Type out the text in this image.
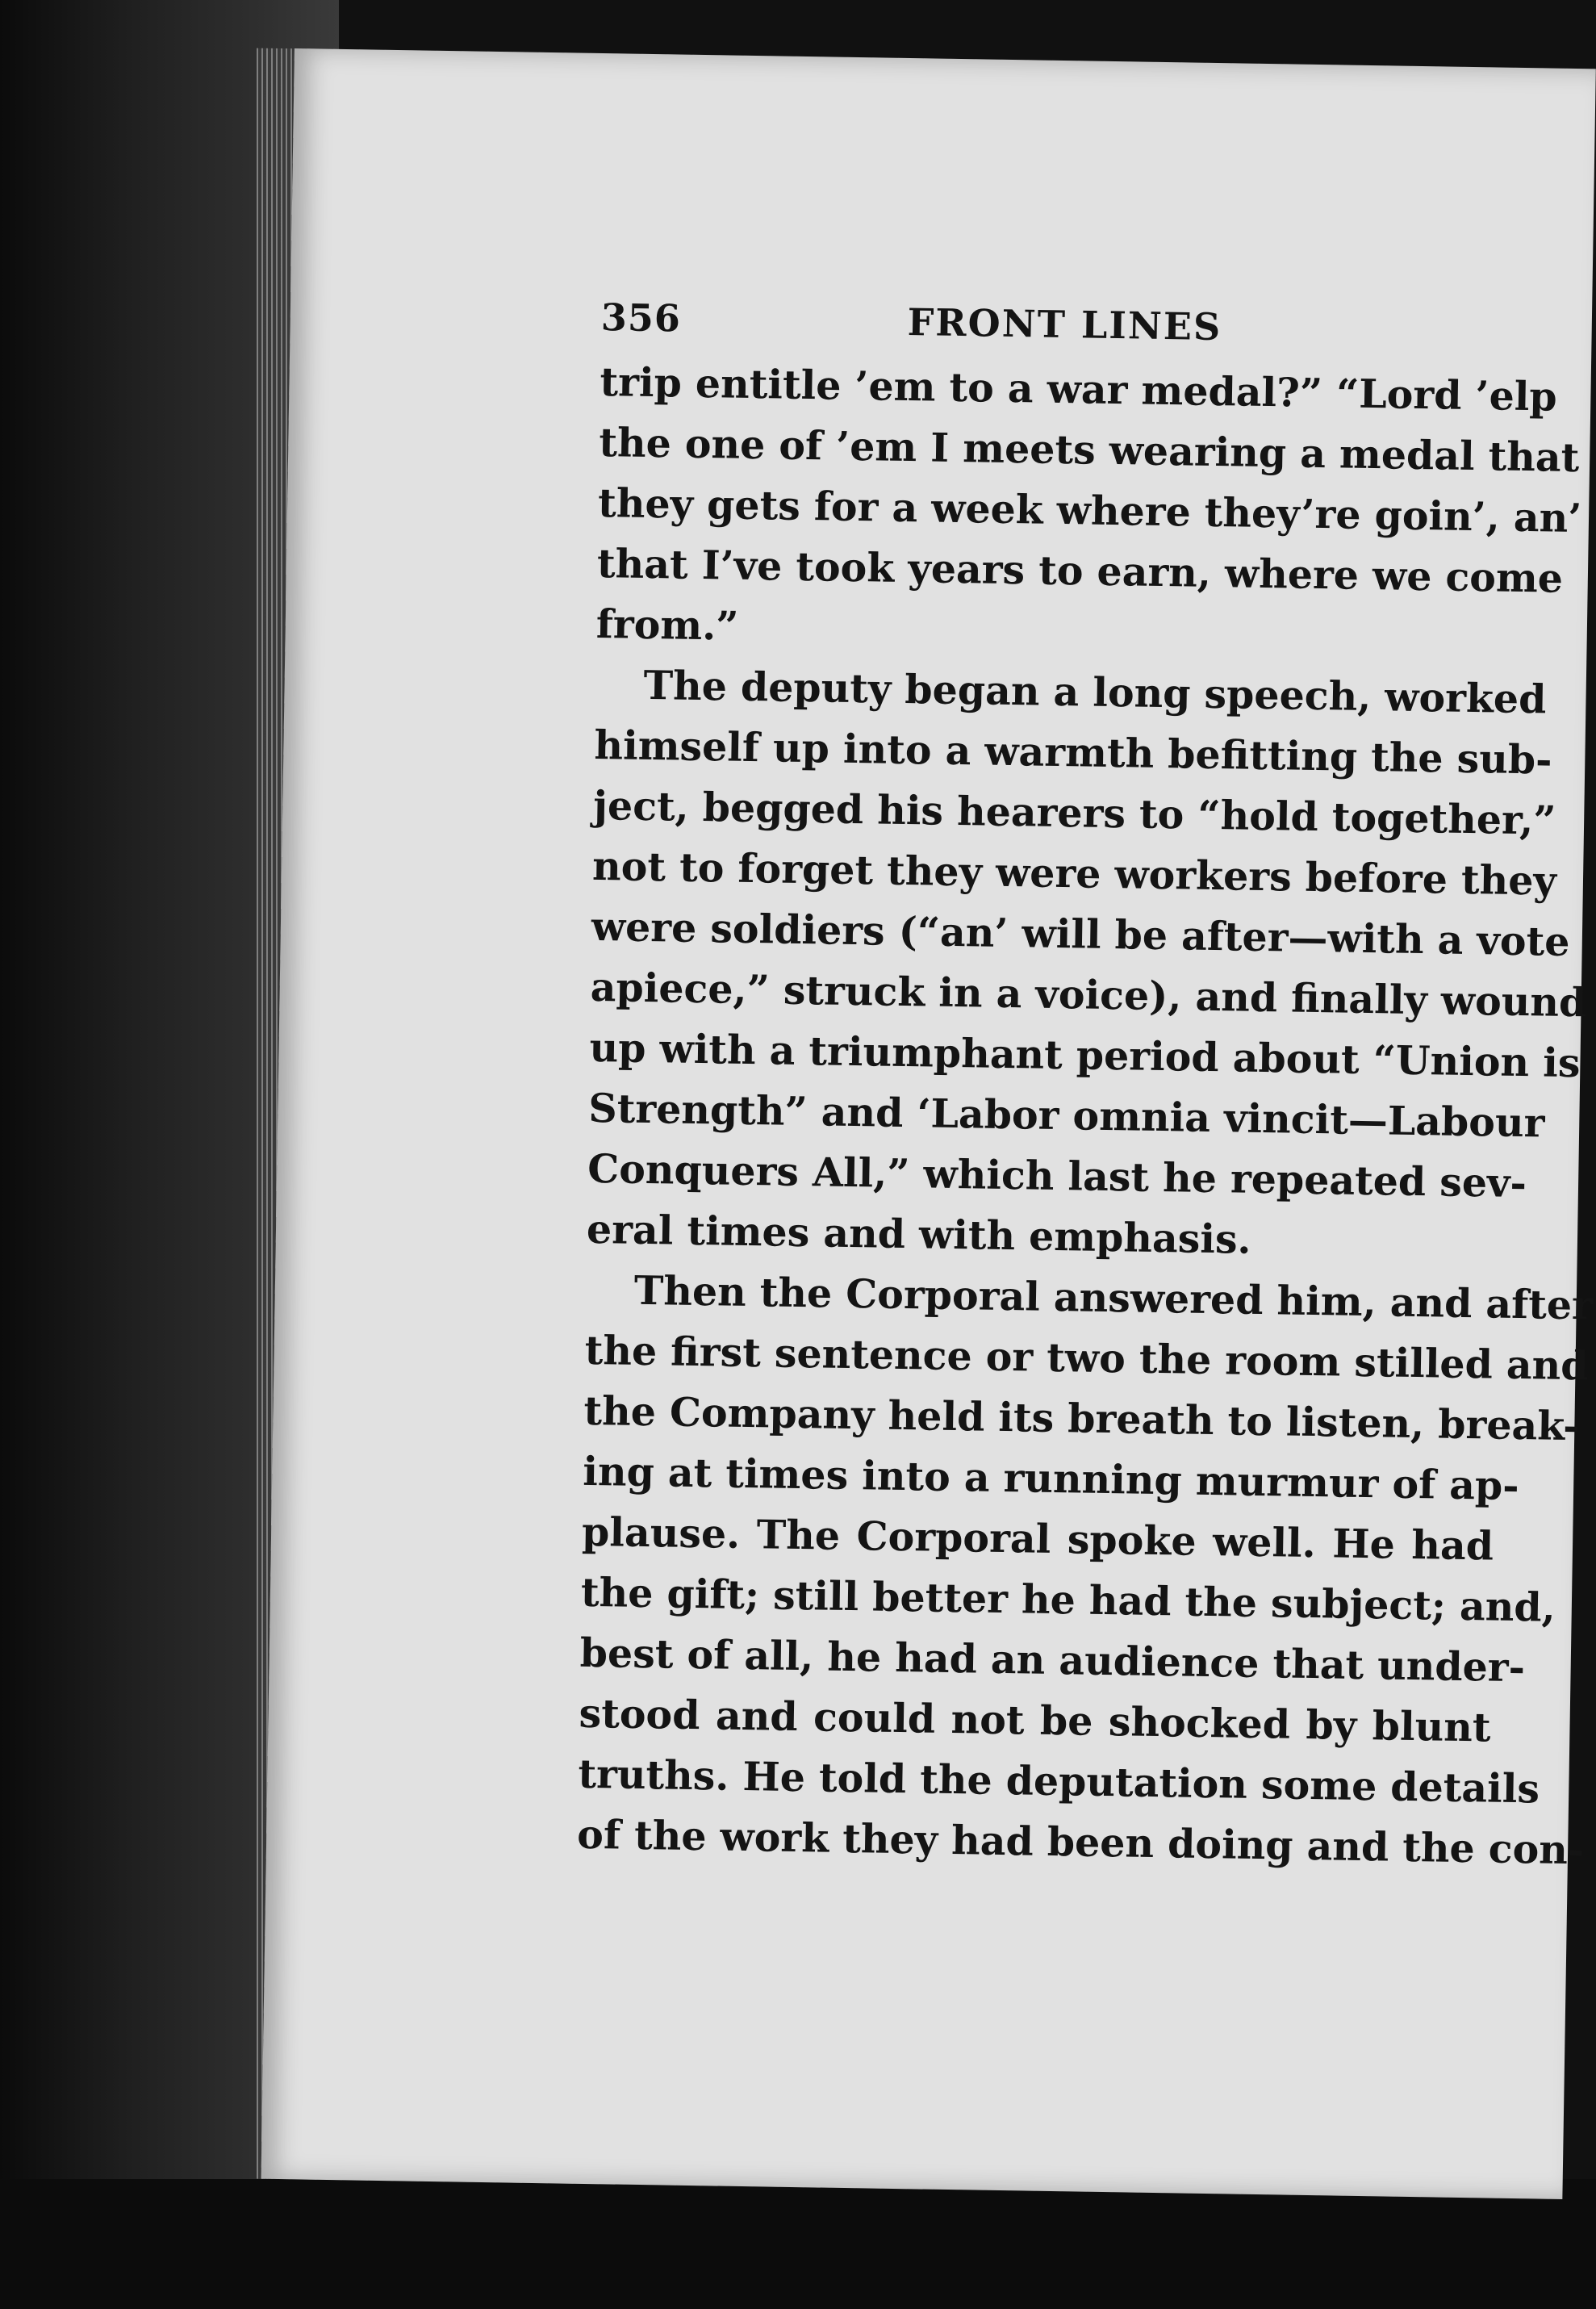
356	FRONT LINES
trip entitle ’em to a war medal?” “Lord ’elp
the one of ’em I meets wearing a medal that
they gets for a week where they’re goin’, an’
that I’ve took years to earn, where we come
from.”
The deputy began a long speech, worked
himself up into a warmth befitting the sub-
ject, begged his hearers to “hold together,”
not to forget they were workers before they
were soldiers (“an’ will be after—with a vote
apiece,” struck in a voice), and finally wound
up with a triumphant period about “Union is
Strength” and ‘Labor omnia vincit—Labour
Conquers All,” which last he repeated sev-
eral times and with emphasis.
Then the Corporal answered him, and after
the first sentence or two the room stilled and
the Company held its breath to listen, break-
ing at times into a running murmur of ap-
plause. The Corporal spoke well. He had
the gift; still better he had the subject; and,
best of all, he had an audience that under-
stood and could not be shocked by blunt
truths. He told the deputation some details
of the work they had been doing and the con-
